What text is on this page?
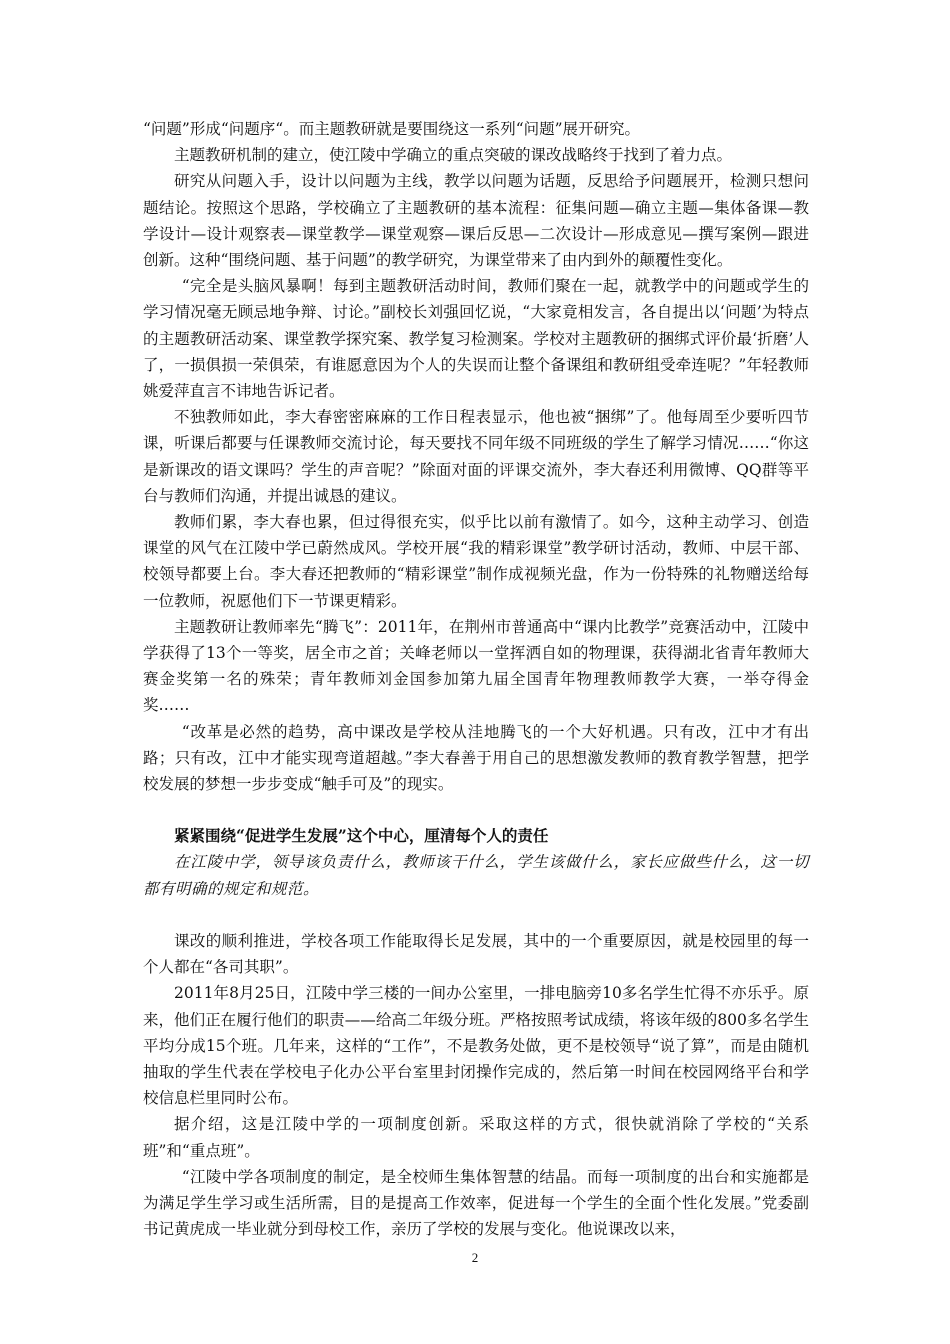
“问题”形成“问题序“。而主题教研就是要围绕这一系列“问题”展开研究。

主题教研机制的建立，使江陵中学确立的重点突破的课改战略终于找到了着力点。

研究从问题入手，设计以问题为主线，教学以问题为话题，反思给予问题展开，检测只想问题结论。按照这个思路，学校确立了主题教研的基本流程：征集问题—确立主题—集体备课—教学设计—设计观察表—课堂教学—课堂观察—课后反思—二次设计—形成意见—撰写案例—跟进创新。这种“围绕问题、基于问题”的教学研究，为课堂带来了由内到外的颠覆性变化。

“完全是头脑风暴啊！每到主题教研活动时间，教师们聚在一起，就教学中的问题或学生的学习情况毫无顾忌地争辩、讨论。”副校长刘强回忆说，“大家竟相发言，各自提出以‘问题’为特点的主题教研活动案、课堂教学探究案、教学复习检测案。学校对主题教研的捆绑式评价最‘折磨’人了，一损俱损一荣俱荣，有谁愿意因为个人的失误而让整个备课组和教研组受牵连呢？”年轻教师姚爱萍直言不讳地告诉记者。

不独教师如此，李大春密密麻麻的工作日程表显示，他也被“捆绑”了。他每周至少要听四节课，听课后都要与任课教师交流讨论，每天要找不同年级不同班级的学生了解学习情况……“你这是新课改的语文课吗？学生的声音呢？”除面对面的评课交流外，李大春还利用微博、QQ群等平台与教师们沟通，并提出诚恳的建议。

教师们累，李大春也累，但过得很充实，似乎比以前有激情了。如今，这种主动学习、创造课堂的风气在江陵中学已蔚然成风。学校开展“我的精彩课堂”教学研讨活动，教师、中层干部、校领导都要上台。李大春还把教师的“精彩课堂”制作成视频光盘，作为一份特殊的礼物赠送给每一位教师，祝愿他们下一节课更精彩。

主题教研让教师率先“腾飞”：2011年，在荆州市普通高中“课内比教学”竞赛活动中，江陵中学获得了13个一等奖，居全市之首；关峰老师以一堂挥洒自如的物理课，获得湖北省青年教师大赛金奖第一名的殊荣；青年教师刘金国参加第九届全国青年物理教师教学大赛，一举夺得金奖……

“改革是必然的趋势，高中课改是学校从洼地腾飞的一个大好机遇。只有改，江中才有出路；只有改，江中才能实现弯道超越。”李大春善于用自己的思想激发教师的教育教学智慧，把学校发展的梦想一步步变成“触手可及”的现实。

紧紧围绕“促进学生发展”这个中心，厘清每个人的责任

在江陵中学，领导该负责什么，教师该干什么，学生该做什么，家长应做些什么，这一切都有明确的规定和规范。

课改的顺利推进，学校各项工作能取得长足发展，其中的一个重要原因，就是校园里的每一个人都在“各司其职”。

2011年8月25日，江陵中学三楼的一间办公室里，一排电脑旁10多名学生忙得不亦乐乎。原来，他们正在履行他们的职责——给高二年级分班。严格按照考试成绩，将该年级的800多名学生平均分成15个班。几年来，这样的“工作”，不是教务处做，更不是校领导“说了算”，而是由随机抽取的学生代表在学校电子化办公平台室里封闭操作完成的，然后第一时间在校园网络平台和学校信息栏里同时公布。

据介绍，这是江陵中学的一项制度创新。采取这样的方式，很快就消除了学校的“关系班”和“重点班”。

“江陵中学各项制度的制定，是全校师生集体智慧的结晶。而每一项制度的出台和实施都是为满足学生学习或生活所需，目的是提高工作效率，促进每一个学生的全面个性化发展。”党委副书记黄虎成一毕业就分到母校工作，亲历了学校的发展与变化。他说课改以来，

2
